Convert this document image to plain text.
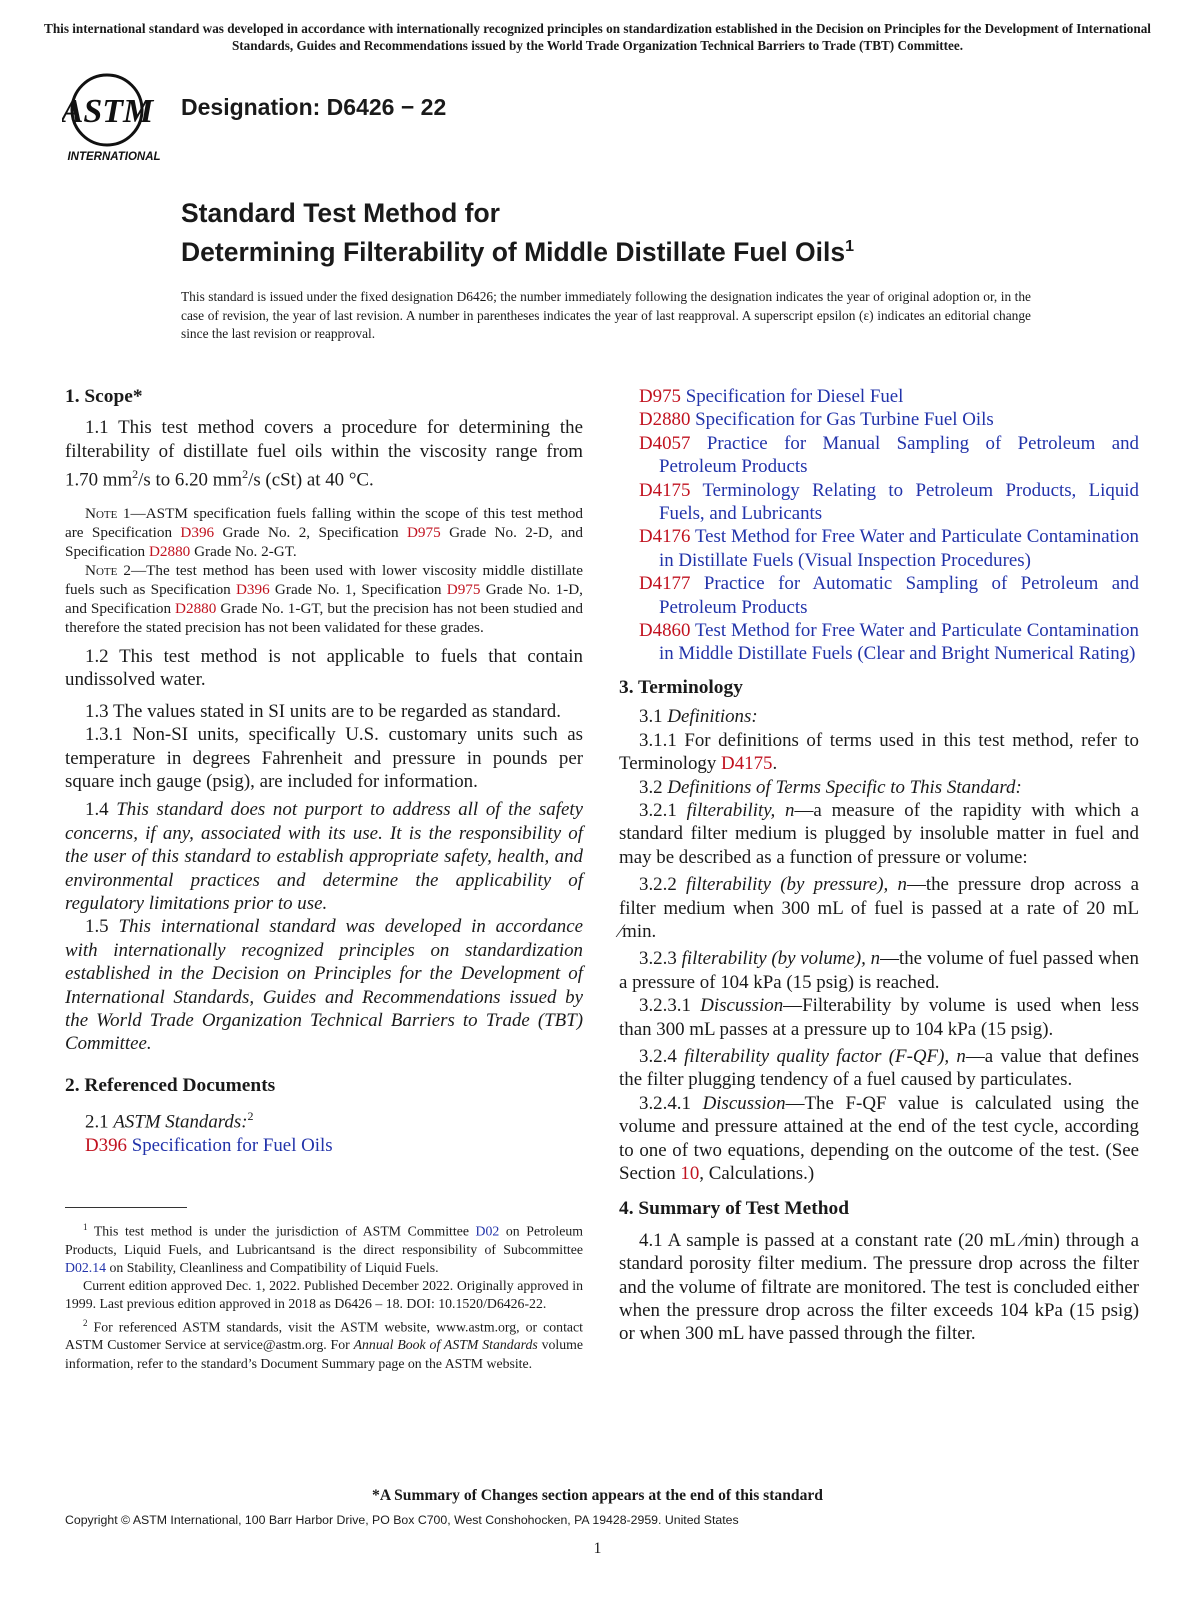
This international standard was developed in accordance with internationally recognized principles on standardization established in the Decision on Principles for the Development of International Standards, Guides and Recommendations issued by the World Trade Organization Technical Barriers to Trade (TBT) Committee.
ASTM
INTERNATIONAL
Designation: D6426 − 22
Standard Test Method for
Determining Filterability of Middle Distillate Fuel Oils$^1$
This standard is issued under the fixed designation D6426; the number immediately following the designation indicates the year of original adoption or, in the case of revision, the year of last revision. A number in parentheses indicates the year of last reapproval. A superscript epsilon (ε) indicates an editorial change since the last revision or reapproval.

1. Scope*

1.1 This test method covers a procedure for determining the filterability of distillate fuel oils within the viscosity range from 1.70 $mm^2/s$ to 6.20 $mm^2/s$ (cSt) at 40 °C.

Note 1—ASTM specification fuels falling within the scope of this test method are Specification D396 Grade No. 2, Specification D975 Grade No. 2-D, and Specification D2880 Grade No. 2-GT.

Note 2—The test method has been used with lower viscosity middle distillate fuels such as Specification D396 Grade No. 1, Specification D975 Grade No. 1-D, and Specification D2880 Grade No. 1-GT, but the precision has not been studied and therefore the stated precision has not been validated for these grades.

1.2 This test method is not applicable to fuels that contain undissolved water.

1.3 The values stated in SI units are to be regarded as standard.

1.3.1 Non-SI units, specifically U.S. customary units such as temperature in degrees Fahrenheit and pressure in pounds per square inch gauge (psig), are included for information.

1.4 This standard does not purport to address all of the safety concerns, if any, associated with its use. It is the responsibility of the user of this standard to establish appropriate safety, health, and environmental practices and determine the applicability of regulatory limitations prior to use.

1.5 This international standard was developed in accordance with internationally recognized principles on standardization established in the Decision on Principles for the Development of International Standards, Guides and Recommendations issued by the World Trade Organization Technical Barriers to Trade (TBT) Committee.

2. Referenced Documents

2.1 ASTM Standards:$^2$

D396 Specification for Fuel Oils

$^1$ This test method is under the jurisdiction of ASTM Committee D02 on Petroleum Products, Liquid Fuels, and Lubricantsand is the direct responsibility of Subcommittee D02.14 on Stability, Cleanliness and Compatibility of Liquid Fuels.

Current edition approved Dec. 1, 2022. Published December 2022. Originally approved in 1999. Last previous edition approved in 2018 as D6426 – 18. DOI: 10.1520/D6426-22.

$^2$ For referenced ASTM standards, visit the ASTM website, www.astm.org, or contact ASTM Customer Service at service@astm.org. For Annual Book of ASTM Standards volume information, refer to the standard’s Document Summary page on the ASTM website.

D975 Specification for Diesel Fuel

D2880 Specification for Gas Turbine Fuel Oils

D4057 Practice for Manual Sampling of Petroleum and Petroleum Products

D4175 Terminology Relating to Petroleum Products, Liquid Fuels, and Lubricants

D4176 Test Method for Free Water and Particulate Contamination in Distillate Fuels (Visual Inspection Procedures)

D4177 Practice for Automatic Sampling of Petroleum and Petroleum Products

D4860 Test Method for Free Water and Particulate Contamination in Middle Distillate Fuels (Clear and Bright Numerical Rating)

3. Terminology

3.1 Definitions:

3.1.1 For definitions of terms used in this test method, refer to Terminology D4175.

3.2 Definitions of Terms Specific to This Standard:

3.2.1 filterability, n—a measure of the rapidity with which a standard filter medium is plugged by insoluble matter in fuel and may be described as a function of pressure or volume:

3.2.2 filterability (by pressure), n—the pressure drop across a filter medium when 300 mL of fuel is passed at a rate of 20 mL ⁄min.

3.2.3 filterability (by volume), n—the volume of fuel passed when a pressure of 104 kPa (15 psig) is reached.

3.2.3.1 Discussion—Filterability by volume is used when less than 300 mL passes at a pressure up to 104 kPa (15 psig).

3.2.4 filterability quality factor (F-QF), n—a value that defines the filter plugging tendency of a fuel caused by particulates.

3.2.4.1 Discussion—The F-QF value is calculated using the volume and pressure attained at the end of the test cycle, according to one of two equations, depending on the outcome of the test. (See Section 10, Calculations.)

4. Summary of Test Method

4.1 A sample is passed at a constant rate (20 mL ⁄min) through a standard porosity filter medium. The pressure drop across the filter and the volume of filtrate are monitored. The test is concluded either when the pressure drop across the filter exceeds 104 kPa (15 psig) or when 300 mL have passed through the filter.

*A Summary of Changes section appears at the end of this standard
Copyright © ASTM International, 100 Barr Harbor Drive, PO Box C700, West Conshohocken, PA 19428-2959. United States
1
